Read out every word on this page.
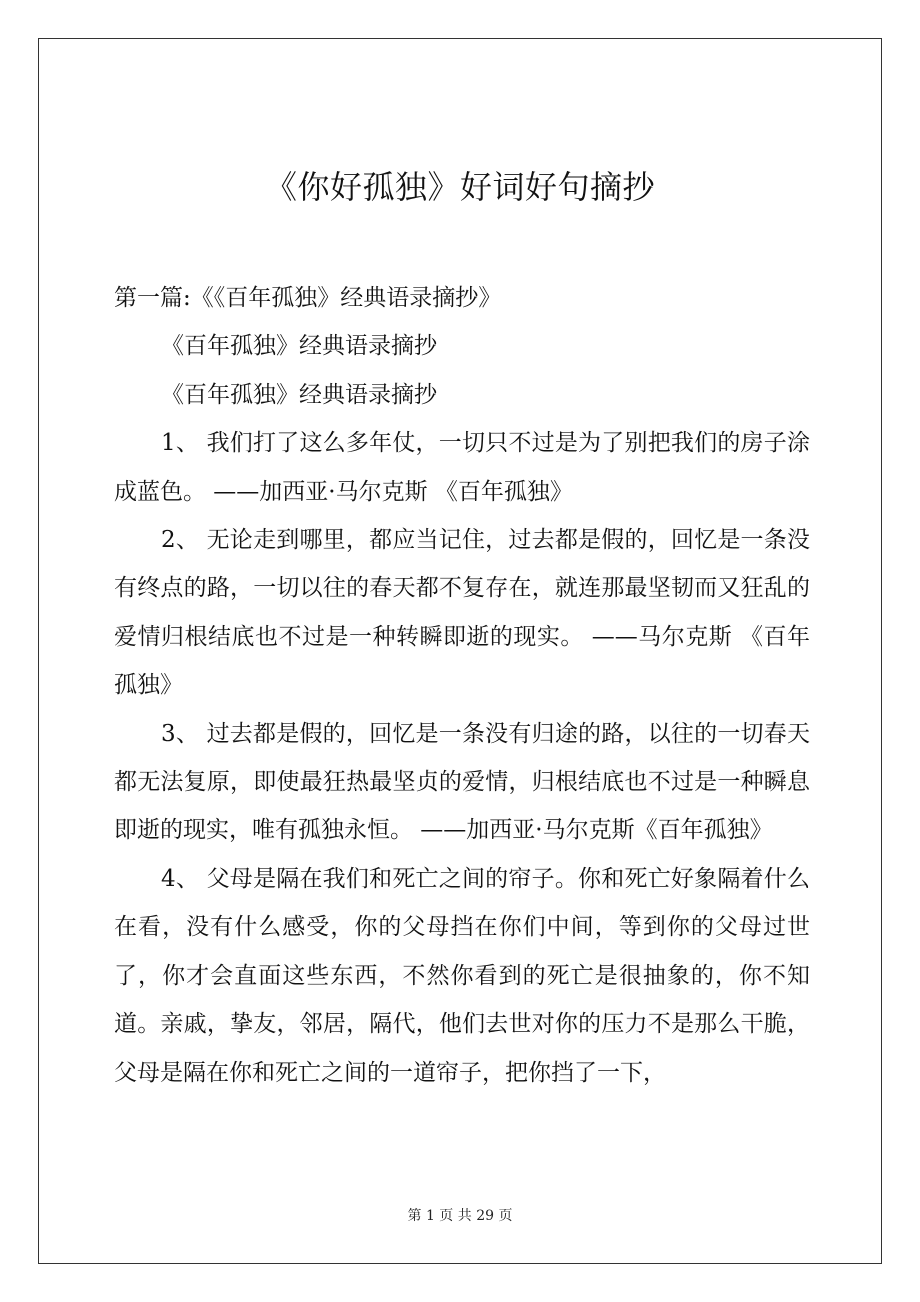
《你好孤独》好词好句摘抄

第一篇:《《百年孤独》经典语录摘抄》

《百年孤独》经典语录摘抄

《百年孤独》经典语录摘抄

1、 我们打了这么多年仗，一切只不过是为了别把我们的房子涂成蓝色。 ——加西亚·马尔克斯 《百年孤独》

2、 无论走到哪里，都应当记住，过去都是假的，回忆是一条没有终点的路，一切以往的春天都不复存在，就连那最坚韧而又狂乱的爱情归根结底也不过是一种转瞬即逝的现实。 ——马尔克斯 《百年孤独》

3、 过去都是假的，回忆是一条没有归途的路，以往的一切春天都无法复原，即使最狂热最坚贞的爱情，归根结底也不过是一种瞬息即逝的现实，唯有孤独永恒。 ——加西亚·马尔克斯《百年孤独》

4、 父母是隔在我们和死亡之间的帘子。你和死亡好象隔着什么在看，没有什么感受，你的父母挡在你们中间，等到你的父母过世了，你才会直面这些东西，不然你看到的死亡是很抽象的，你不知道。亲戚，挚友，邻居，隔代，他们去世对你的压力不是那么干脆，父母是隔在你和死亡之间的一道帘子，把你挡了一下，

第 1 页 共 29 页
